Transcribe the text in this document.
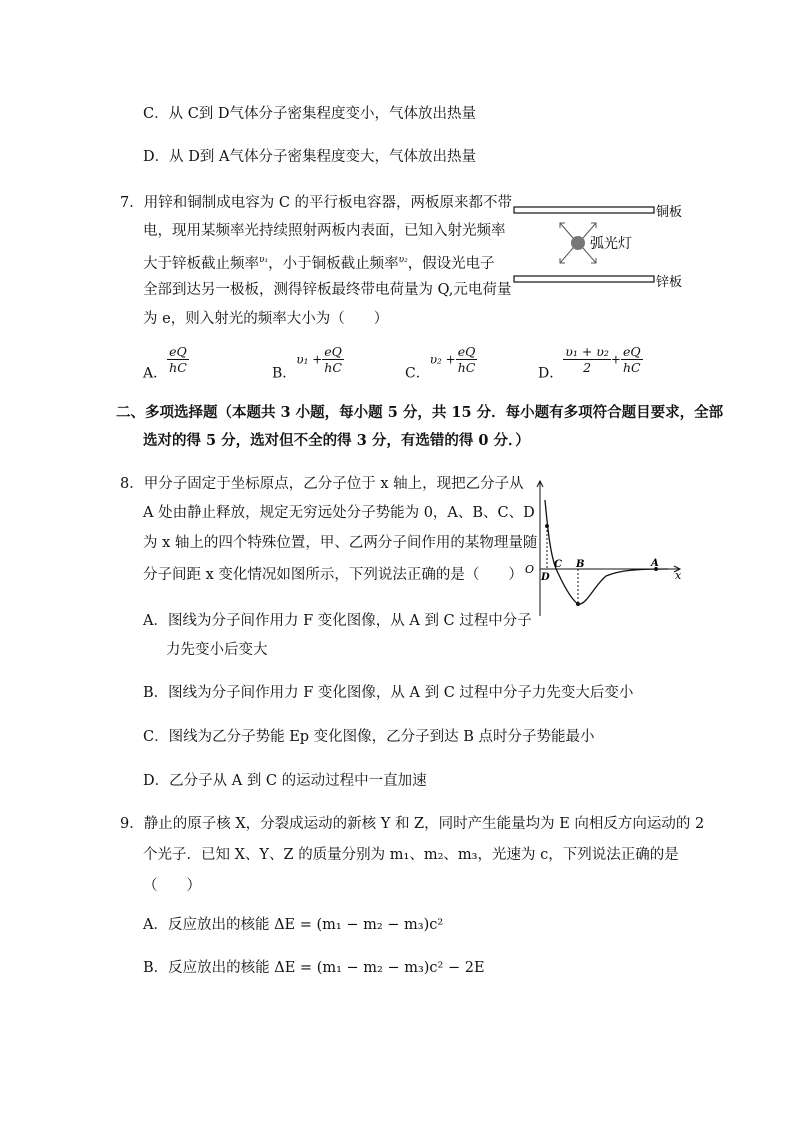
C．从 C到 D气体分子密集程度变小，气体放出热量
D．从 D到 A气体分子密集程度变大，气体放出热量
7．用锌和铜制成电容为 C 的平行板电容器，两板原来都不带
电，现用某频率光持续照射两板内表面，已知入射光频率
大于锌板截止频率$^{\upsilon_1}$，小于铜板截止频率$^{\upsilon_2}$，假设光电子
全部到达另一极板，测得锌板最终带电荷量为 Q,元电荷量
为 e，则入射光的频率大小为（　　）
铜板
锌板
弧光灯
A． $\frac{eQ}{hC}$	B．$\upsilon_1 + \frac{eQ}{hC}$	C．$\upsilon_2 + \frac{eQ}{hC}$	D． $\frac{\text{υ₁ + υ₂}}{2} + \frac{eQ}{hC}$
二、多项选择题（本题共 3 小题，每小题 5 分，共 15 分．每小题有多项符合题目要求，全部
选对的得 5 分，选对但不全的得 3 分，有选错的得 0 分．）
8．甲分子固定于坐标原点，乙分子位于 x 轴上，现把乙分子从
A 处由静止释放，规定无穷远处分子势能为 0，A、B、C、D
为 x 轴上的四个特殊位置，甲、乙两分子间作用的某物理量随
分子间距 x 变化情况如图所示，下列说法正确的是（　　） O	x
D
C B	A
A．图线为分子间作用力 F 变化图像，从 A 到 C 过程中分子
力先变小后变大
B．图线为分子间作用力 F 变化图像，从 A 到 C 过程中分子力先变大后变小
C．图线为乙分子势能 Ep 变化图像，乙分子到达 B 点时分子势能最小
D．乙分子从 A 到 C 的运动过程中一直加速
9．静止的原子核 X，分裂成运动的新核 Y 和 Z，同时产生能量均为 E 向相反方向运动的 2
个光子．已知 X、Y、Z 的质量分别为 m₁、m₂、m₃，光速为 c，下列说法正确的是
（　　）
A．反应放出的核能 ΔE = (m₁ − m₂ − m₃)c²
B．反应放出的核能 ΔE = (m₁ − m₂ − m₃)c² − 2E
